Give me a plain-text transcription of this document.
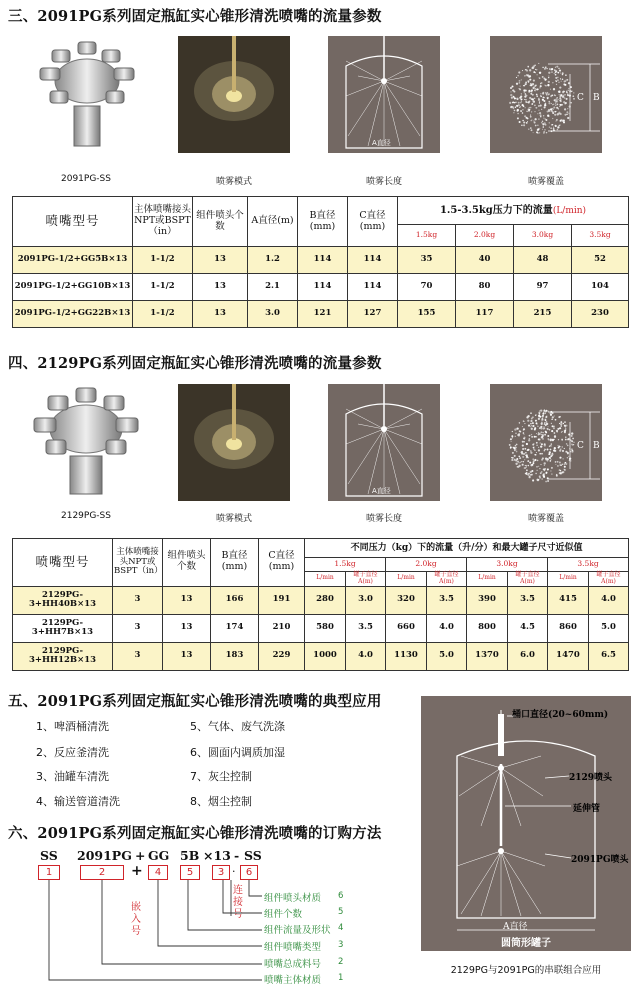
三、2091PG系列固定瓶缸实心锥形清洗喷嘴的流量参数
A直径
C B
2091PG-SS	喷雾模式	喷雾长度	喷雾覆盖
喷嘴型号	主体喷嘴接头NPT或BSPT（in）	组件喷头个数	A直径(m)	B直径(mm)	C直径(mm)	1.5-3.5kg压力下的流量(L/min)			
						1.5kg	2.0kg	3.0kg	3.5kg
2091PG-1/2+GG5B×13	1-1/2	13	1.2	114	114	35	40	48	52
2091PG-1/2+GG10B×13	1-1/2	13	2.1	114	114	70	80	97	104
2091PG-1/2+GG22B×13	1-1/2	13	3.0	121	127	155	117	215	230
四、2129PG系列固定瓶缸实心锥形清洗喷嘴的流量参数
A直径
C B
2129PG-SS	喷雾模式	喷雾长度	喷雾覆盖
喷嘴型号	主体喷嘴接头NPT或BSPT（in）	组件喷头个数	B直径(mm)	C直径(mm)	不同压力（kg）下的流量（升/分）和最大罐子尺寸近似值							
					1.5kg		2.0kg		3.0kg		3.5kg	
					L/min	罐子直径A(m)	L/min	罐子直径A(m)	L/min	罐子直径A(m)	L/min	罐子直径A(m)
2129PG-3+HH40B×13	3	13	166	191	280	3.0	320	3.5	390	3.5	415	4.0
2129PG-3+HH7B×13	3	13	174	210	580	3.5	660	4.0	800	4.5	860	5.0
2129PG-3+HH12B×13	3	13	183	229	1000	4.0	1130	5.0	1370	6.0	1470	6.5
五、2091PG系列固定瓶缸实心锥形清洗喷嘴的典型应用
1、啤酒桶清洗
2、反应釜清洗
3、油罐车清洗
4、输送管道清洗
5、气体、废气洗涤
6、圆面内调质加湿
7、灰尘控制
8、烟尘控制
六、2091PG系列固定瓶缸实心锥形清洗喷嘴的订购方法
SS 2091PG + GG 5B ×13 - SS
1	2	+	4	5	3 ·	6
嵌入号
连接号
组件喷头材质 6
组件个数	5
组件流量及形状 4
组件喷嘴类型 3
喷嘴总成料号 2
喷嘴主体材质 1
桶口直径(20~60mm)
2129喷头
延伸管
2091PG喷头
A直径
圆筒形罐子
2129PG与2091PG的串联组合应用
